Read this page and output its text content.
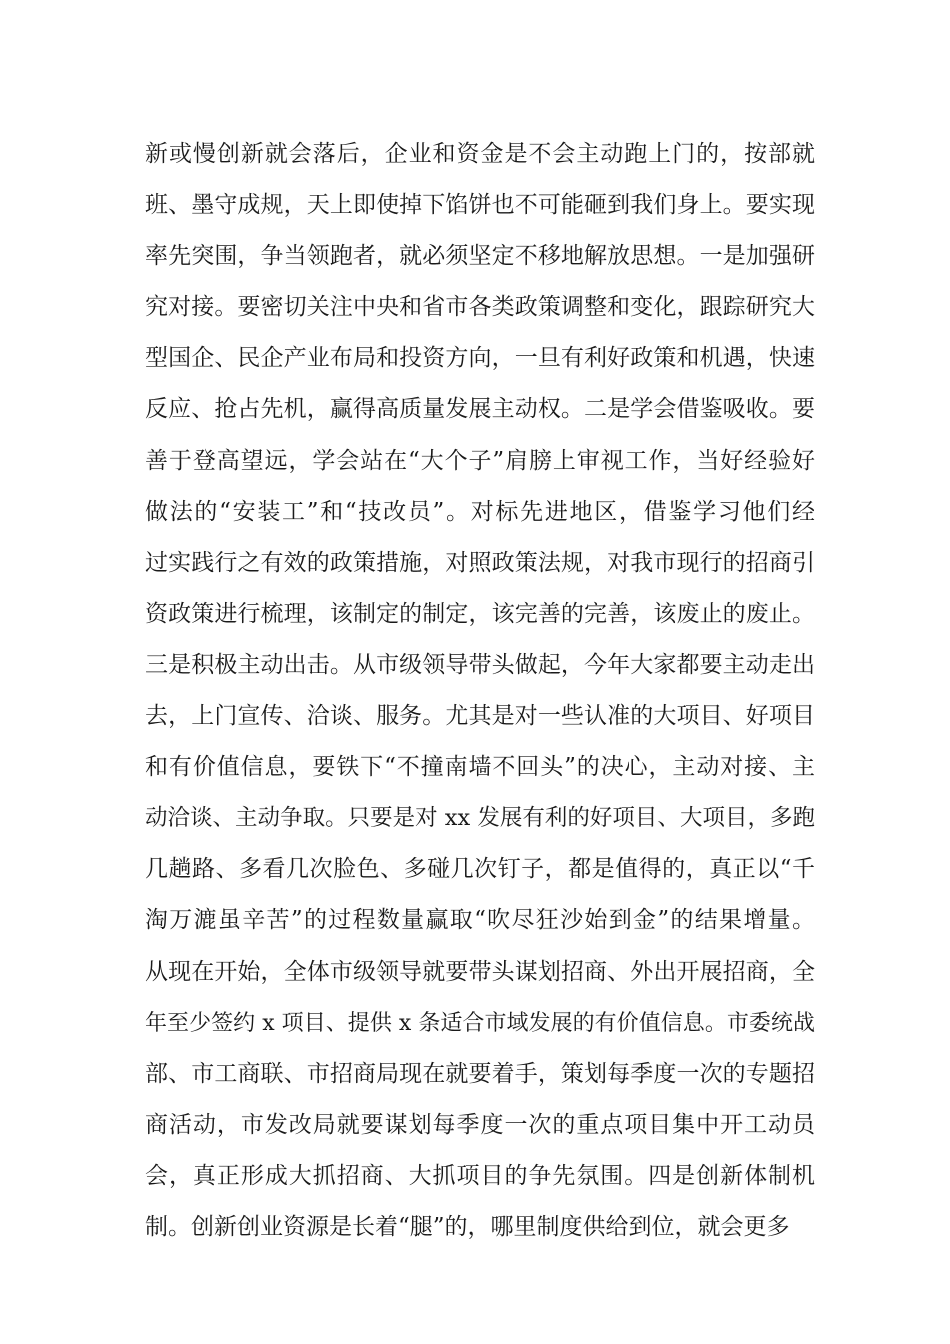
新或慢创新就会落后，企业和资金是不会主动跑上门的，按部就
班、墨守成规，天上即使掉下馅饼也不可能砸到我们身上。要实现
率先突围，争当领跑者，就必须坚定不移地解放思想。一是加强研
究对接。要密切关注中央和省市各类政策调整和变化，跟踪研究大
型国企、民企产业布局和投资方向，一旦有利好政策和机遇，快速
反应、抢占先机，赢得高质量发展主动权。二是学会借鉴吸收。要
善于登高望远，学会站在“大个子”肩膀上审视工作，当好经验好
做法的“安装工”和“技改员”。对标先进地区，借鉴学习他们经
过实践行之有效的政策措施，对照政策法规，对我市现行的招商引
资政策进行梳理，该制定的制定，该完善的完善，该废止的废止。
三是积极主动出击。从市级领导带头做起，今年大家都要主动走出
去，上门宣传、洽谈、服务。尤其是对一些认准的大项目、好项目
和有价值信息，要铁下“不撞南墙不回头”的决心，主动对接、主
动洽谈、主动争取。只要是对 xx 发展有利的好项目、大项目，多跑
几趟路、多看几次脸色、多碰几次钉子，都是值得的，真正以“千
淘万漉虽辛苦”的过程数量赢取“吹尽狂沙始到金”的结果增量。
从现在开始，全体市级领导就要带头谋划招商、外出开展招商，全
年至少签约 x 项目、提供 x 条适合市域发展的有价值信息。市委统战
部、市工商联、市招商局现在就要着手，策划每季度一次的专题招
商活动，市发改局就要谋划每季度一次的重点项目集中开工动员
会，真正形成大抓招商、大抓项目的争先氛围。四是创新体制机
制。创新创业资源是长着“腿”的，哪里制度供给到位，就会更多
